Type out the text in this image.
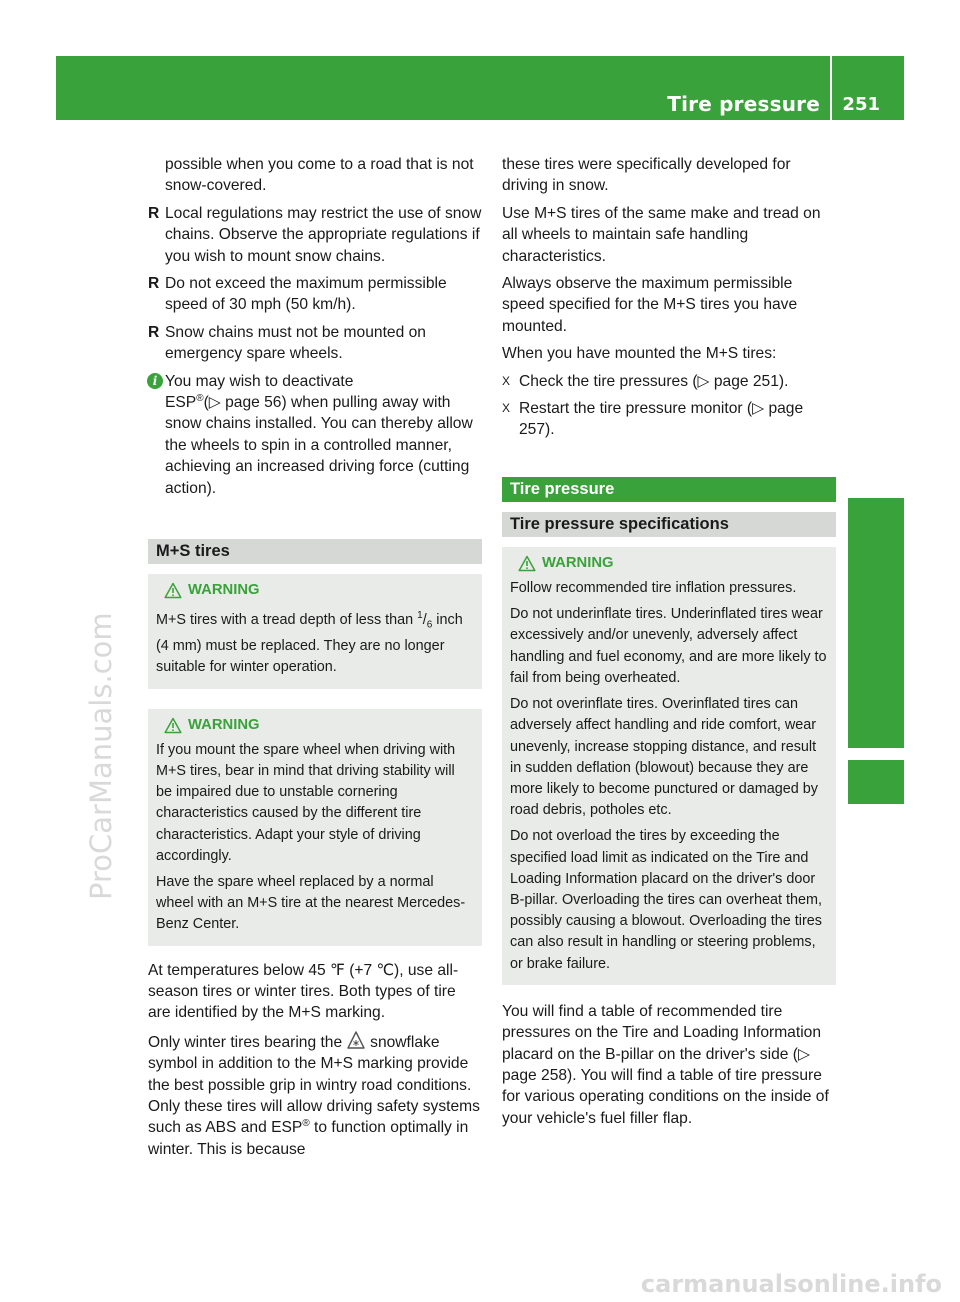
Tire pressure 251
Wheels and tires ProCarManuals.com
carmanualsonline.info
possible when you come to a road that is not snow-covered.
R Local regulations may restrict the use of snow chains. Observe the appropriate regulations if you wish to mount snow chains.
R Do not exceed the maximum permissible speed of 30 mph (50 km/h).
R Snow chains must not be mounted on emergency spare wheels.
i You may wish to deactivate
ESP®(▷ page 56) when pulling away with snow chains installed. You can thereby allow the wheels to spin in a controlled manner, achieving an increased driving force (cutting action).
M+S tires
WARNING

M+S tires with a tread depth of less than $^1/_6$ inch (4 mm) must be replaced. They are no longer suitable for winter operation.

WARNING

If you mount the spare wheel when driving with M+S tires, bear in mind that driving stability will be impaired due to unstable cornering characteristics caused by the different tire characteristics. Adapt your style of driving accordingly.

Have the spare wheel replaced by a normal wheel with an M+S tire at the nearest Mercedes-Benz Center.

At temperatures below 45 ℉ (+7 ℃), use all-season tires or winter tires. Both types of tire are identified by the M+S marking.

Only winter tires bearing the snowflake symbol in addition to the M+S marking provide the best possible grip in wintry road conditions. Only these tires will allow driving safety systems such as ABS and ESP® to function optimally in winter. This is because

these tires were specifically developed for driving in snow.

Use M+S tires of the same make and tread on all wheels to maintain safe handling characteristics.

Always observe the maximum permissible speed specified for the M+S tires you have mounted.

When you have mounted the M+S tires:

X Check the tire pressures (▷ page 251).
X Restart the tire pressure monitor (▷ page 257).
Tire pressure
Tire pressure specifications
WARNING

Follow recommended tire inflation pressures.

Do not underinflate tires. Underinflated tires wear excessively and/or unevenly, adversely affect handling and fuel economy, and are more likely to fail from being overheated.

Do not overinflate tires. Overinflated tires can adversely affect handling and ride comfort, wear unevenly, increase stopping distance, and result in sudden deflation (blowout) because they are more likely to become punctured or damaged by road debris, potholes etc.

Do not overload the tires by exceeding the specified load limit as indicated on the Tire and Loading Information placard on the driver's door B-pillar. Overloading the tires can overheat them, possibly causing a blowout. Overloading the tires can also result in handling or steering problems, or brake failure.

You will find a table of recommended tire pressures on the Tire and Loading Information placard on the B-pillar on the driver's side (▷ page 258). You will find a table of tire pressure for various operating conditions on the inside of your vehicle's fuel filler flap.
